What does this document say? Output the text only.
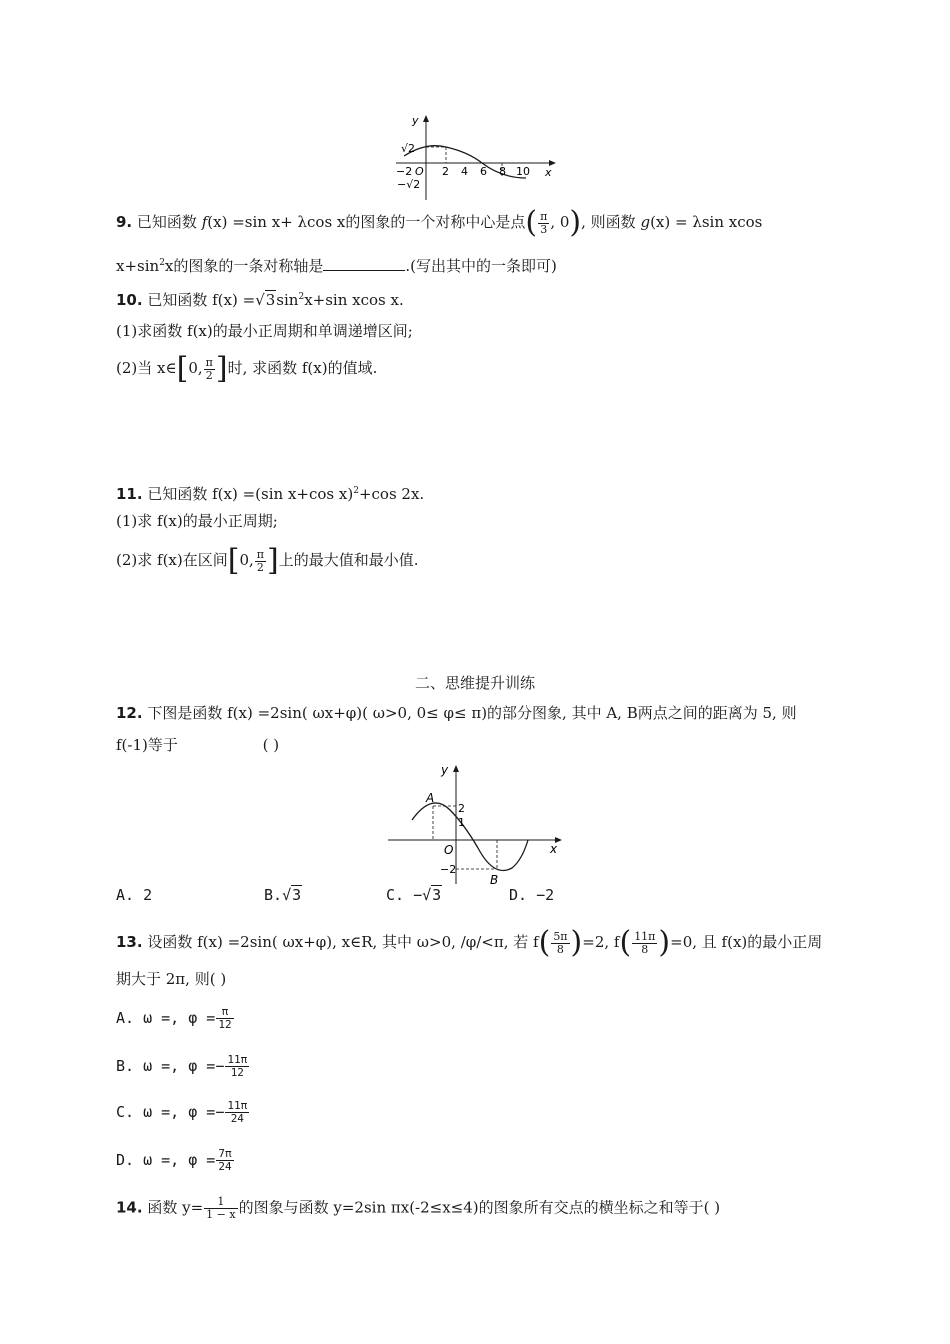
y
x
O
√2
−√2
−2	2 4 6 8 10
9. 已知函数 f(x) =sin x+ λcos x的图象的一个对称中心是点( $\frac{\pi}{3}$ , 0), 则函数 g(x) = λsin xcos
$x+\sin^2x$的图象的一条对称轴是	.(写出其中的一条即可)
10. 已知函数 $f(x) =√3\sin^2x+\sin$ xcos x.
(1)求函数 f(x)的最小正周期和单调递增区间;
(2)当 x∈[0, $\frac{\pi}{2}$ ]时, 求函数 f(x)的值域.
11. 已知函数 f(x) =(sin x+cos x)$^2$+cos 2x.
(1)求 f(x)的最小正周期;
(2)求 f(x)在区间[0, $\frac{\pi}{2}$ ]上的最大值和最小值.
二、思维提升训练
12. 下图是函数 f(x) =2sin( ωx+φ)( ω>0, 0≤ φ≤ π)的部分图象, 其中 A, B两点之间的距离为 5, 则
f(-1)等于	( )
y
x
O
A
B
2
1
−2
A. 2	B.√3	C. −√3	D. −2
13. 设函数 f(x) =2sin( ωx+φ), x∈R, 其中 ω>0, /φ/<π, 若 $f( \frac{5\pi}{8} )=2$, $f( \frac{11\pi}{8} )=0$, 且 f(x)的最小正周
期大于 2π, 则( )
A. ω =, $\varphi = \frac{\pi}{12}$
B. ω =, $\varphi =- \frac{11\pi}{12}$
C. ω =, $\varphi =- \frac{11\pi}{24}$
D. ω =, $\varphi = \frac{7\pi}{24}$
14. 函数 $y= \frac{1}{1 - x}$ 的图象与函数 y=2sin πx(-2≤x≤4)的图象所有交点的横坐标之和等于( )
